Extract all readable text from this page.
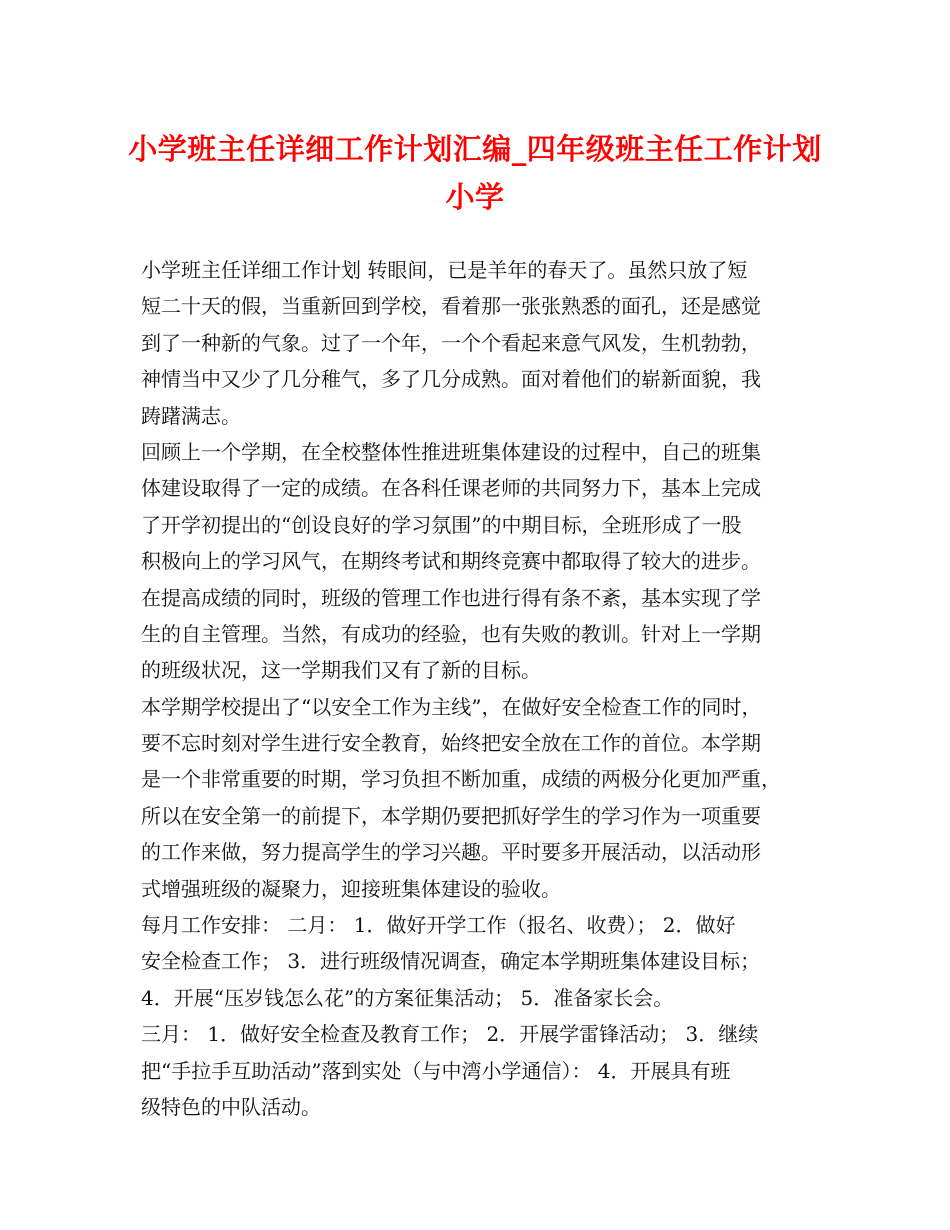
小学班主任详细工作计划汇编_四年级班主任工作计划
小学
小学班主任详细工作计划 转眼间，已是羊年的春天了。虽然只放了短
短二十天的假，当重新回到学校，看着那一张张熟悉的面孔，还是感觉
到了一种新的气象。过了一个年，一个个看起来意气风发，生机勃勃，
神情当中又少了几分稚气，多了几分成熟。面对着他们的崭新面貌，我
踌躇满志。
回顾上一个学期，在全校整体性推进班集体建设的过程中，自己的班集
体建设取得了一定的成绩。在各科任课老师的共同努力下，基本上完成
了开学初提出的“创设良好的学习氛围”的中期目标，全班形成了一股
积极向上的学习风气，在期终考试和期终竞赛中都取得了较大的进步。
在提高成绩的同时，班级的管理工作也进行得有条不紊，基本实现了学
生的自主管理。当然，有成功的经验，也有失败的教训。针对上一学期
的班级状况，这一学期我们又有了新的目标。
本学期学校提出了“以安全工作为主线”，在做好安全检查工作的同时，
要不忘时刻对学生进行安全教育，始终把安全放在工作的首位。本学期
是一个非常重要的时期，学习负担不断加重，成绩的两极分化更加严重，
所以在安全第一的前提下，本学期仍要把抓好学生的学习作为一项重要
的工作来做，努力提高学生的学习兴趣。平时要多开展活动，以活动形
式增强班级的凝聚力，迎接班集体建设的验收。
每月工作安排： 二月： 1．做好开学工作（报名、收费）； 2．做好
安全检查工作； 3．进行班级情况调查，确定本学期班集体建设目标；
4．开展“压岁钱怎么花”的方案征集活动； 5．准备家长会。
三月： 1．做好安全检查及教育工作； 2．开展学雷锋活动； 3．继续
把“手拉手互助活动”落到实处（与中湾小学通信）： 4．开展具有班
级特色的中队活动。
